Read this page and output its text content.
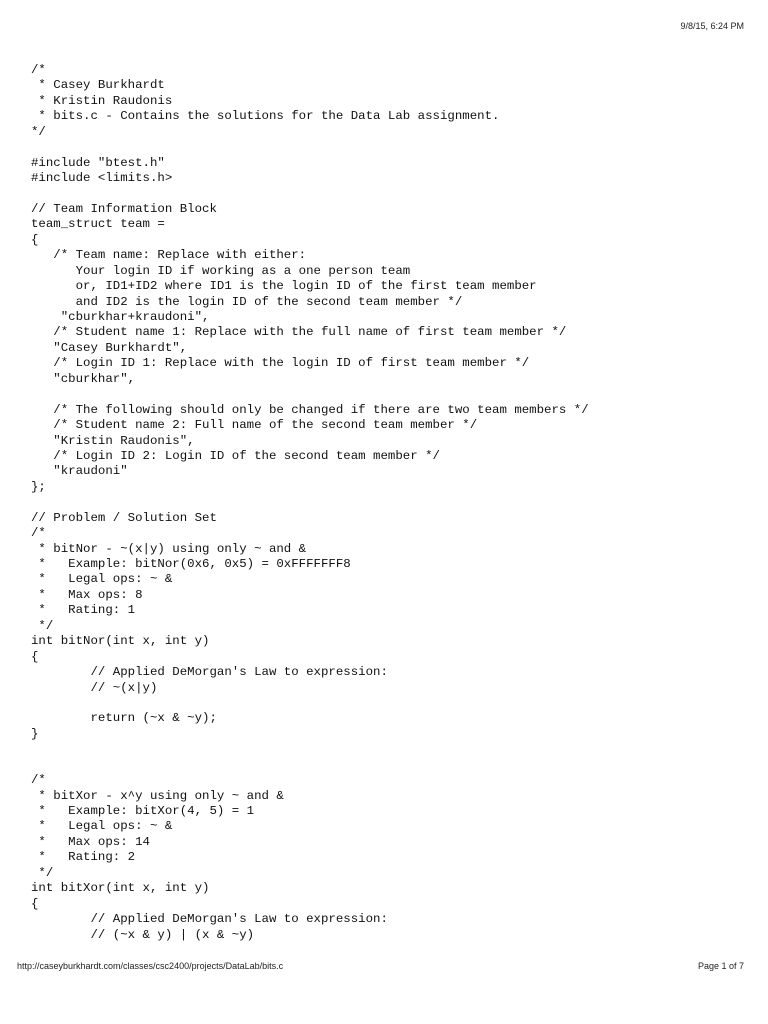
9/8/15, 6:24 PM
/*
* Casey Burkhardt
* Kristin Raudonis
* bits.c - Contains the solutions for the Data Lab assignment.
*/
#include "btest.h"
#include <limits.h>
// Team Information Block
team_struct team =
{
/* Team name: Replace with either:
Your login ID if working as a one person team
or, ID1+ID2 where ID1 is the login ID of the first team member
and ID2 is the login ID of the second team member */
"cburkhar+kraudoni",
/* Student name 1: Replace with the full name of first team member */
"Casey Burkhardt",
/* Login ID 1: Replace with the login ID of first team member */
"cburkhar",
/* The following should only be changed if there are two team members */
/* Student name 2: Full name of the second team member */
"Kristin Raudonis",
/* Login ID 2: Login ID of the second team member */
"kraudoni"
};
// Problem / Solution Set
/*
* bitNor - ~(x|y) using only ~ and &
*   Example: bitNor(0x6, 0x5) = 0xFFFFFFF8
*   Legal ops: ~ &
*   Max ops: 8
*   Rating: 1
*/
int bitNor(int x, int y)
{
// Applied DeMorgan's Law to expression:
// ~(x|y)
return (~x & ~y);
}
/*
* bitXor - x^y using only ~ and &
*   Example: bitXor(4, 5) = 1
*   Legal ops: ~ &
*   Max ops: 14
*   Rating: 2
*/
int bitXor(int x, int y)
{
// Applied DeMorgan's Law to expression:
// (~x & y) | (x & ~y)
http://caseyburkhardt.com/classes/csc2400/projects/DataLab/bits.c	Page 1 of 7
